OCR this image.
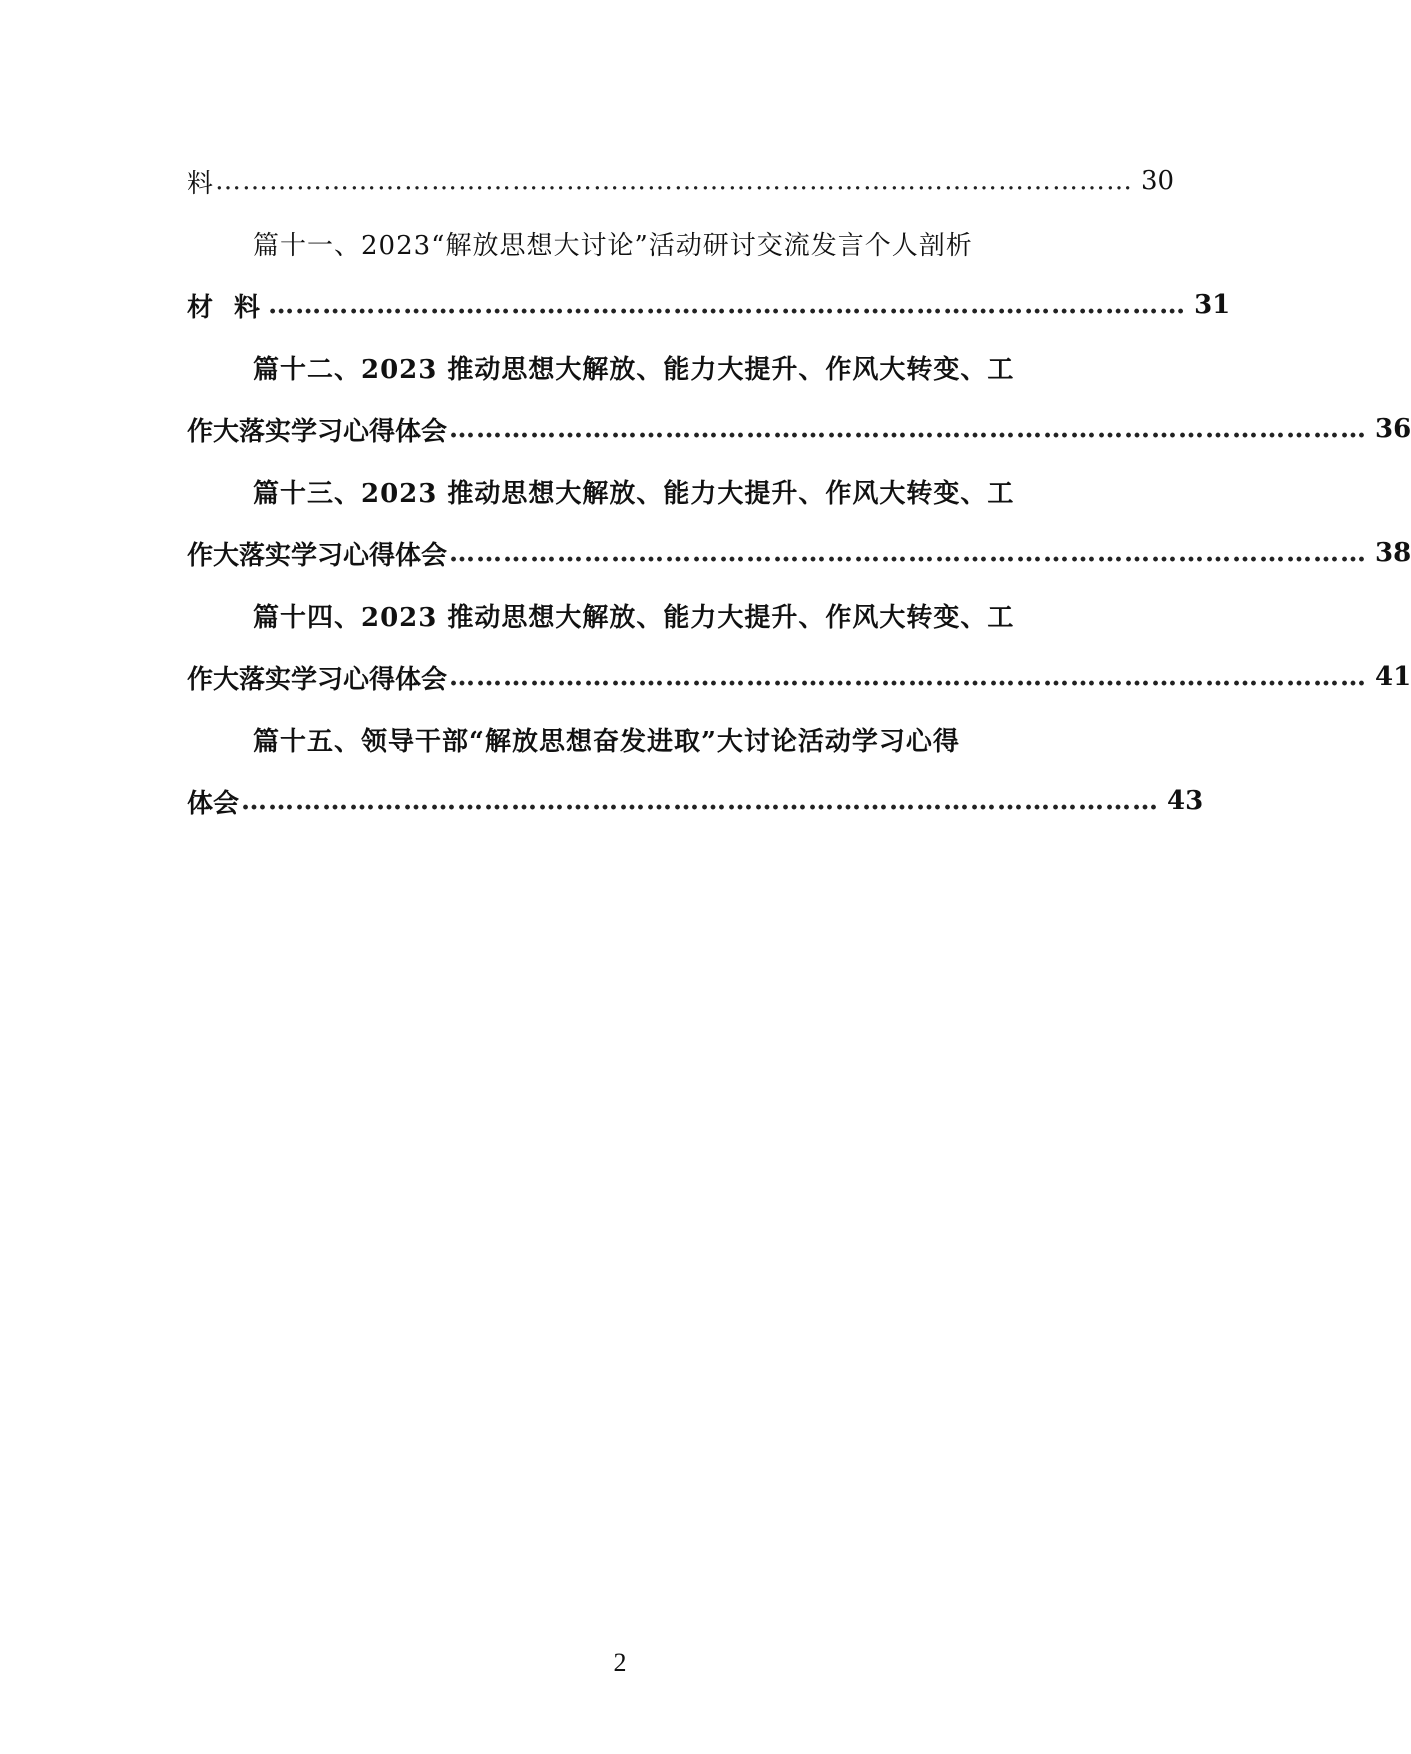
料 ………………………………………………………………………………………… 30
篇十一、2023“解放思想大讨论”活动研讨交流发言个人剖析
材 料 ………………………………………………………………………………………… 31
篇十二、2023 推动思想大解放、能力大提升、作风大转变、工
作大落实学习心得体会 ………………………………………………………………………………………… 36
篇十三、2023 推动思想大解放、能力大提升、作风大转变、工
作大落实学习心得体会 ………………………………………………………………………………………… 38
篇十四、2023 推动思想大解放、能力大提升、作风大转变、工
作大落实学习心得体会 ………………………………………………………………………………………… 41
篇十五、领导干部“解放思想奋发进取”大讨论活动学习心得
体会 ………………………………………………………………………………………… 43
2
